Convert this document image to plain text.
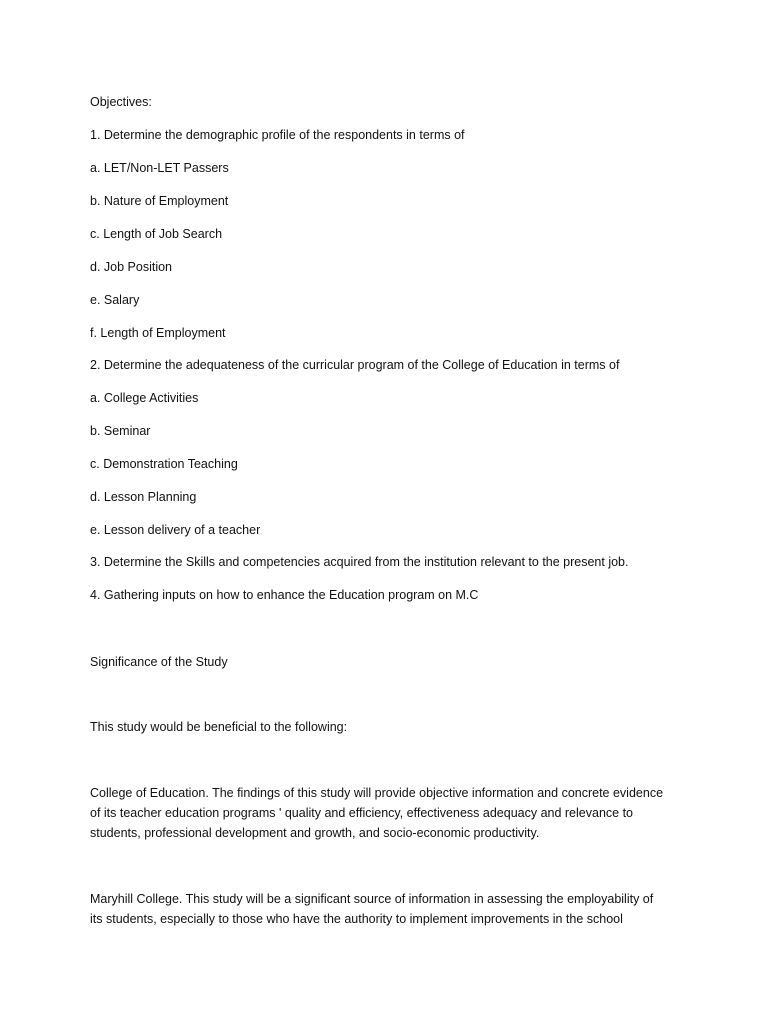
Objectives:

1. Determine the demographic profile of the respondents in terms of

a. LET/Non-LET Passers

b. Nature of Employment

c. Length of Job Search

d. Job Position

e. Salary

f. Length of Employment

2. Determine the adequateness of the curricular program of the College of Education in terms of

a. College Activities

b. Seminar

c. Demonstration Teaching

d. Lesson Planning

e. Lesson delivery of a teacher

3. Determine the Skills and competencies acquired from the institution relevant to the present job.

4. Gathering inputs on how to enhance the Education program on M.C

Significance of the Study

This study would be beneficial to the following:

College of Education. The findings of this study will provide objective information and concrete evidence
of its teacher education programs ' quality and efficiency, effectiveness adequacy and relevance to
students, professional development and growth, and socio-economic productivity.

Maryhill College. This study will be a significant source of information in assessing the employability of
its students, especially to those who have the authority to implement improvements in the school
